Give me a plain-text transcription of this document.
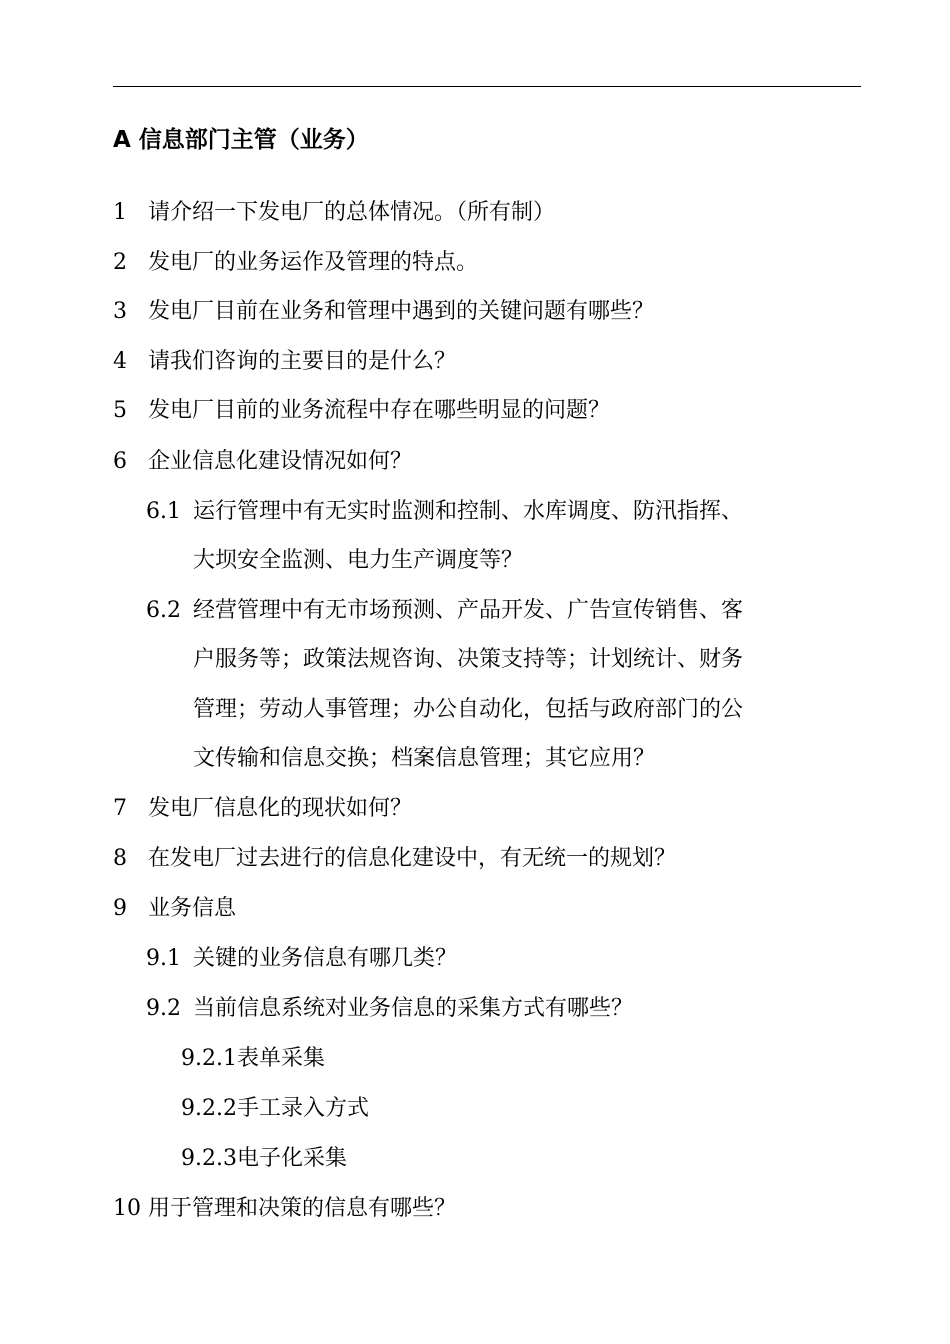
A 信息部门主管（业务）
1 请介绍一下发电厂的总体情况。（所有制）
2 发电厂的业务运作及管理的特点。
3 发电厂目前在业务和管理中遇到的关键问题有哪些？
4 请我们咨询的主要目的是什么？
5 发电厂目前的业务流程中存在哪些明显的问题？
6 企业信息化建设情况如何？
6.1 运行管理中有无实时监测和控制、水库调度、防汛指挥、
大坝安全监测、电力生产调度等？
6.2 经营管理中有无市场预测、产品开发、广告宣传销售、客
户服务等；政策法规咨询、决策支持等；计划统计、财务
管理；劳动人事管理；办公自动化，包括与政府部门的公
文传输和信息交换；档案信息管理；其它应用？
7 发电厂信息化的现状如何？
8 在发电厂过去进行的信息化建设中，有无统一的规划？
9 业务信息
9.1 关键的业务信息有哪几类？
9.2 当前信息系统对业务信息的采集方式有哪些？
9.2.1表单采集
9.2.2手工录入方式
9.2.3电子化采集
10 用于管理和决策的信息有哪些？
